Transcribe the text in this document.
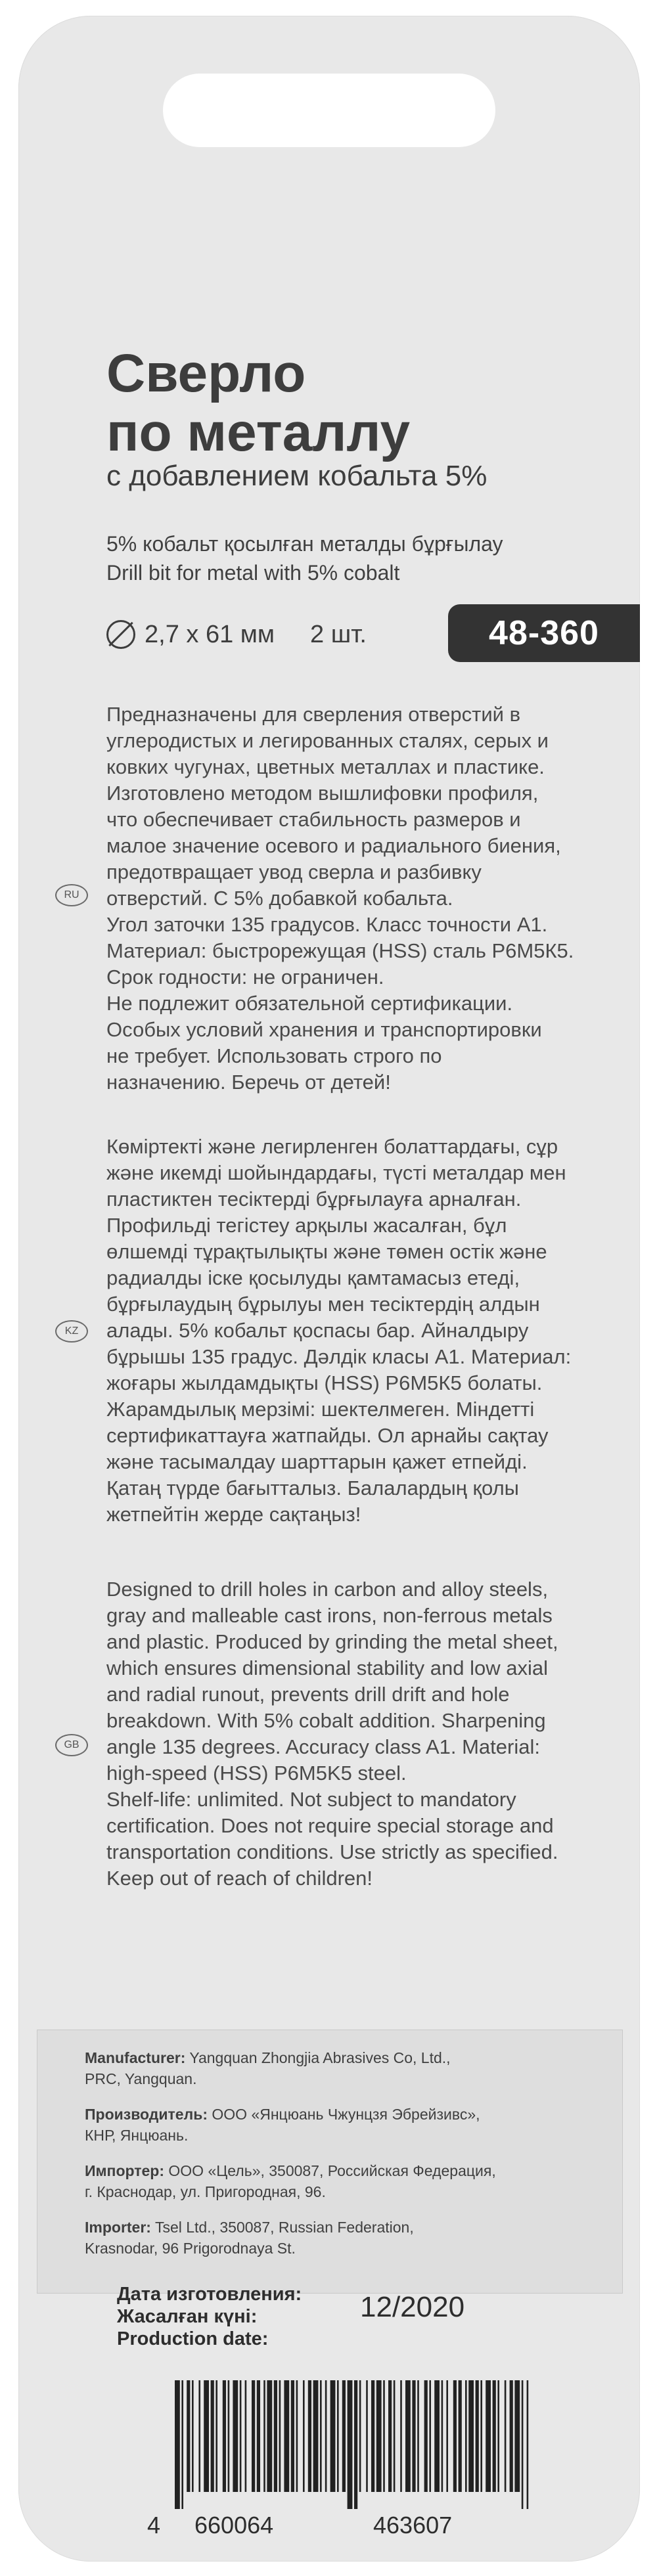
Сверло
по металлу

с добавлением кобальта 5%

5% кобальт қосылған металды бұрғылау

Drill bit for metal with 5% cobalt

2,7 x 61 мм 2 шт.	48-360
RU

Предназначены для сверления отверстий в

углеродистых и легированных сталях, серых и

ковких чугунах, цветных металлах и пластике.

Изготовлено методом вышлифовки профиля,

что обеспечивает стабильность размеров и

малое значение осевого и радиального биения,

предотвращает увод сверла и разбивку

отверстий. С 5% добавкой кобальта.

Угол заточки 135 градусов. Класс точности А1.

Материал: быстрорежущая (HSS) сталь Р6М5К5.

Срок годности: не ограничен.

Не подлежит обязательной сертификации.

Особых условий хранения и транспортировки

не требует. Использовать строго по

назначению. Беречь от детей!

KZ

Көміртекті және легирленген болаттардағы, сұр

және икемді шойындардағы, түсті металдар мен

пластиктен тесіктерді бұрғылауға арналған.

Профильді тегістеу арқылы жасалған, бұл

өлшемді тұрақтылықты және төмен остік және

радиалды іске қосылуды қамтамасыз етеді,

бұрғылаудың бұрылуы мен тесіктердің алдын

алады. 5% кобальт қоспасы бар. Айналдыру

бұрышы 135 градус. Дәлдік класы А1. Материал:

жоғары жылдамдықты (HSS) Р6М5К5 болаты.

Жарамдылық мерзімі: шектелмеген. Міндетті

сертификаттауға жатпайды. Ол арнайы сақтау

және тасымалдау шарттарын қажет етпейді.

Қатаң түрде бағытталыз. Балалардың қолы

жетпейтін жерде сақтаңыз!

GB

Designed to drill holes in carbon and alloy steels,

gray and malleable cast irons, non-ferrous metals

and plastic. Produced by grinding the metal sheet,

which ensures dimensional stability and low axial

and radial runout, prevents drill drift and hole

breakdown. With 5% cobalt addition. Sharpening

angle 135 degrees. Accuracy class A1. Material:

high-speed (HSS) P6M5K5 steel.

Shelf-life: unlimited. Not subject to mandatory

certification. Does not require special storage and

transportation conditions. Use strictly as specified.

Keep out of reach of children!

Manufacturer: Yangquan Zhongjia Abrasives Co, Ltd.,
PRC, Yangquan.

Производитель: ООО «Янцюань Чжунцзя Эбрейзивс»,
КНР, Янцюань.

Импортер: ООО «Цель», 350087, Российская Федерация,
г. Краснодар, ул. Пригородная, 96.

Importer: Tsel Ltd., 350087, Russian Federation,
Krasnodar, 96 Prigorodnaya St.

Дата изготовления:
Жасалған күні:
Production date:
12/2020
4 660064	463607
